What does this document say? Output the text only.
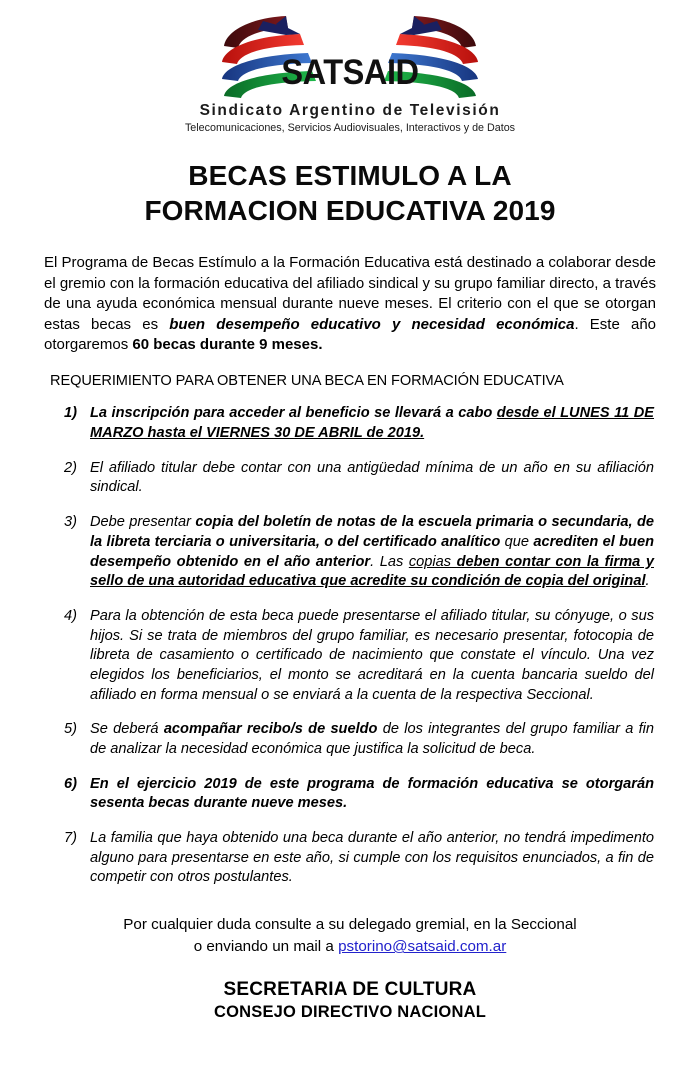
SATSAID
Sindicato Argentino de Televisión
Telecomunicaciones, Servicios Audiovisuales, Interactivos y de Datos
BECAS ESTIMULO A LA
FORMACION EDUCATIVA 2019

El Programa de Becas Estímulo a la Formación Educativa está destinado a colaborar desde el gremio con la formación educativa del afiliado sindical y su grupo familiar directo, a través de una ayuda económica mensual durante nueve meses. El criterio con el que se otorgan estas becas es buen desempeño educativo y necesidad económica. Este año otorgaremos 60 becas durante 9 meses.

REQUERIMIENTO PARA OBTENER UNA BECA EN FORMACIÓN EDUCATIVA
1) La inscripción para acceder al beneficio se llevará a cabo desde el LUNES 11 DE MARZO hasta el VIERNES 30 DE ABRIL de 2019.
2) El afiliado titular debe contar con una antigüedad mínima de un año en su afiliación sindical.
3) Debe presentar copia del boletín de notas de la escuela primaria o secundaria, de la libreta terciaria o universitaria, o del certificado analítico que acrediten el buen desempeño obtenido en el año anterior. Las copias deben contar con la firma y sello de una autoridad educativa que acredite su condición de copia del original.
4) Para la obtención de esta beca puede presentarse el afiliado titular, su cónyuge, o sus hijos. Si se trata de miembros del grupo familiar, es necesario presentar, fotocopia de libreta de casamiento o certificado de nacimiento que constate el vínculo. Una vez elegidos los beneficiarios, el monto se acreditará en la cuenta bancaria sueldo del afiliado en forma mensual o se enviará a la cuenta de la respectiva Seccional.
5) Se deberá acompañar recibo/s de sueldo de los integrantes del grupo familiar a fin de analizar la necesidad económica que justifica la solicitud de beca.
6) En el ejercicio 2019 de este programa de formación educativa se otorgarán sesenta becas durante nueve meses.
7) La familia que haya obtenido una beca durante el año anterior, no tendrá impedimento alguno para presentarse en este año, si cumple con los requisitos enunciados, a fin de competir con otros postulantes.
Por cualquier duda consulte a su delegado gremial, en la Seccional
o enviando un mail a pstorino@satsaid.com.ar
SECRETARIA DE CULTURA
CONSEJO DIRECTIVO NACIONAL
